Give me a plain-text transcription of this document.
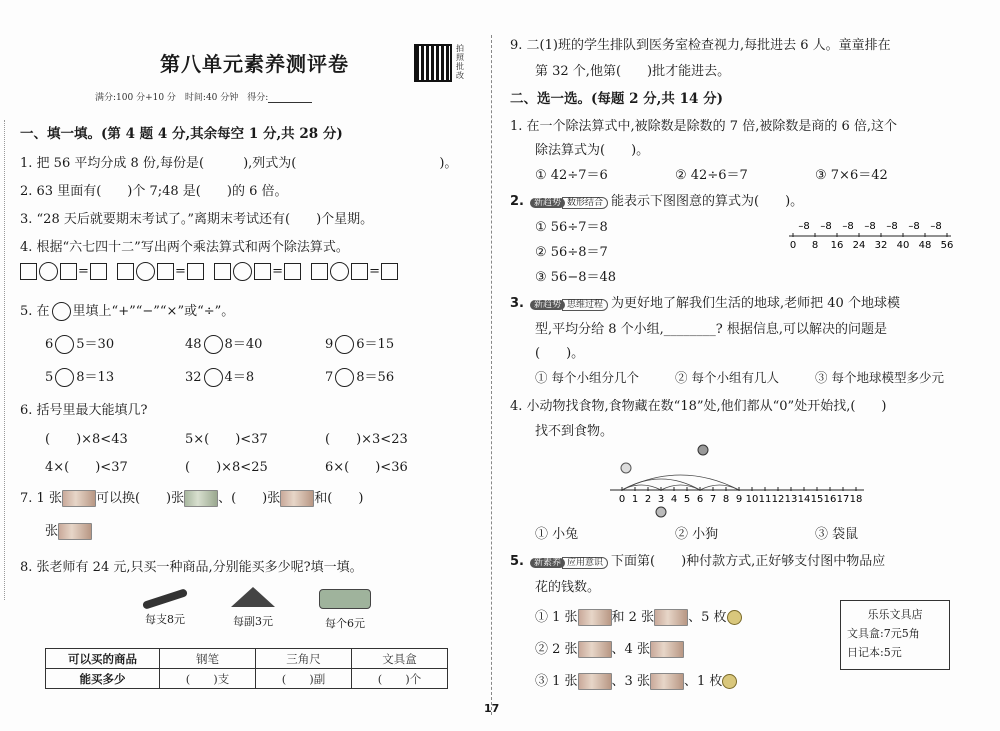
第八单元素养测评卷
拍照批改
满分:100 分+10 分　时间:40 分钟　得分:
一、填一填。(第 4 题 4 分,其余每空 1 分,共 28 分)
1. 把 56 平均分成 8 份,每份是(　　　),列式为(　　　　　　　　　　　)。
2. 63 里面有(　　)个 7;48 是(　　)的 6 倍。
3. “28 天后就要期末考试了。”离期末考试还有(　　)个星期。
4. 根据“六七四十二”写出两个乘法算式和两个除法算式。
=	=	=	=
5. 在 里填上“+”“−”“×”或“÷”。
6 5＝30	48 8＝40	9 6＝15
5 8＝13	32 4＝8	7 8＝56
6. 括号里最大能填几?
(　　)×8<43	5×(　　)<37	(　　)×3<23
4×(　　)<37	(　　)×8<25	6×(　　)<36
7. 1 张	可以换(　　)张	、(　　)张	和(　　)
张
8. 张老师有 24 元,只买一种商品,分别能买多少呢?填一填。
每支8元	每副3元	每个6元
可以买的商品	钢笔	三角尺	文具盒
能买多少	(　　)支	(　　)副	(　　)个
9. 二(1)班的学生排队到医务室检查视力,每批进去 6 人。童童排在
第 32 个,他第(　　)批才能进去。
二、选一选。(每题 2 分,共 14 分)
1. 在一个除法算式中,被除数是除数的 7 倍,被除数是商的 6 倍,这个
除法算式为(　　)。
① 42÷7＝6	② 42÷6＝7	③ 7×6＝42
2. 新趋势 数形结合 能表示下图图意的算式为(　　)。
① 56÷7＝8
② 56÷8＝7
③ 56−8＝48
0
–8
8
–8
16
–8
24
–8
32
–8
40
–8
48
–8
56
3. 新趋势 思维过程 为更好地了解我们生活的地球,老师把 40 个地球模
型,平均分给 8 个小组,________? 根据信息,可以解决的问题是
(　　)。
① 每个小组分几个	② 每个小组有几人	③ 每个地球模型多少元
4. 小动物找食物,食物藏在数“18”处,他们都从“0”处开始找,(　　)
找不到食物。
0 1 2 3 4 5 6 7 8 9 10 11 12 13 14 15 16 17 18
① 小兔	② 小狗	③ 袋鼠
5. 新素养 应用意识 下面第(　　)种付款方式,正好够支付图中物品应
花的钱数。
① 1 张	和 2 张	、5 枚
② 2 张	、4 张
③ 1 张	、3 张	、1 枚
乐乐文具店
文具盒:7元5角
日记本:5元
17
